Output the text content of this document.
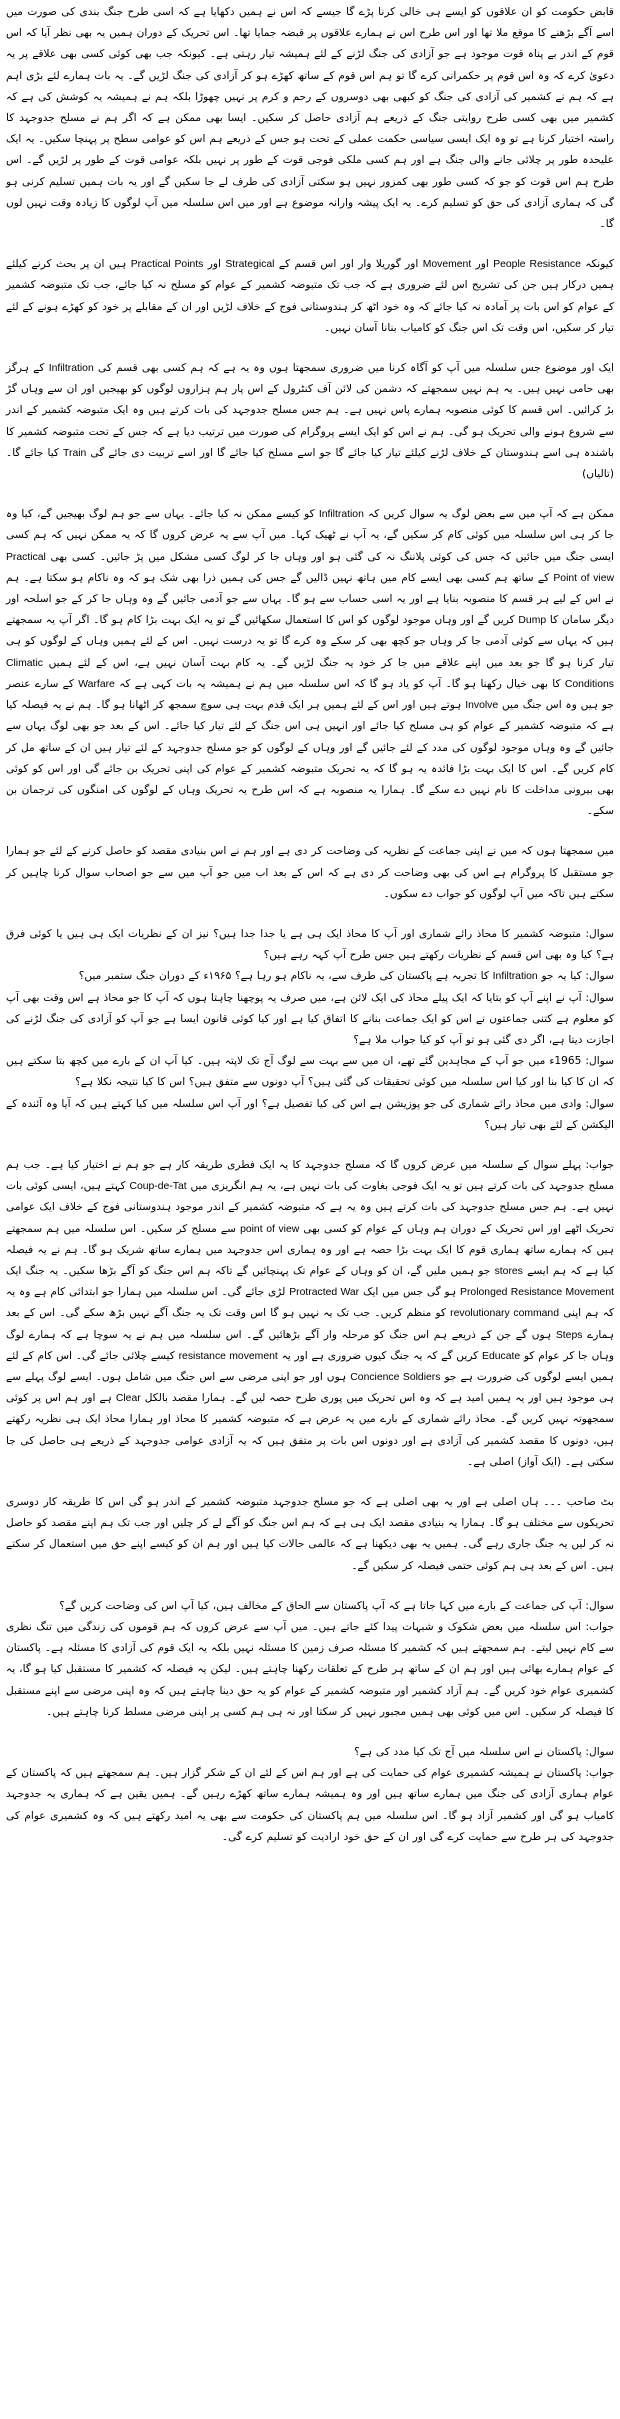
قابض حکومت کو ان علاقوں کو ایسے ہی خالی کرنا پڑے گا جیسے کہ اس نے ہمیں دکھایا ہے کہ اسی طرح جنگ بندی کی صورت میں اسے آگے بڑھنے کا موقع ملا تھا اور اس طرح اس نے ہمارے علاقوں پر قبضہ جمایا تھا۔ اس تحریک کے دوران ہمیں یہ بھی نظر آیا کہ اس قوم کے اندر بے پناہ قوت موجود ہے جو آزادی کی جنگ لڑنے کے لئے ہمیشہ تیار رہتی ہے۔ کیونکہ جب بھی کوئی کسی بھی علاقے پر یہ دعویٰ کرے کہ وہ اس قوم پر حکمرانی کرے گا تو ہم اس قوم کے ساتھ کھڑے ہو کر آزادی کی جنگ لڑیں گے۔ یہ بات ہمارے لئے بڑی اہم ہے کہ ہم نے کشمیر کی آزادی کی جنگ کو کبھی بھی دوسروں کے رحم و کرم پر نہیں چھوڑا بلکہ ہم نے ہمیشہ یہ کوشش کی ہے کہ کشمیر میں بھی کسی طرح روایتی جنگ کے ذریعے ہم آزادی حاصل کر سکیں۔ ایسا بھی ممکن ہے کہ اگر ہم نے مسلح جدوجہد کا راستہ اختیار کرنا ہے تو وہ ایک ایسی سیاسی حکمت عملی کے تحت ہو جس کے ذریعے ہم اس کو عوامی سطح پر پہنچا سکیں۔ یہ ایک علیحدہ طور پر چلائی جانے والی جنگ ہے اور ہم کسی ملکی فوجی قوت کے طور پر نہیں بلکہ عوامی قوت کے طور پر لڑیں گے۔ اس طرح ہم اس قوت کو جو کہ کسی طور بھی کمزور نہیں ہو سکتی آزادی کی طرف لے جا سکیں گے اور یہ بات ہمیں تسلیم کرنی ہو گی کہ ہماری آزادی کی حق کو تسلیم کرے۔ یہ ایک پیشہ وارانہ موضوع ہے اور میں اس سلسلہ میں آپ لوگوں کا زیادہ وقت نہیں لوں گا۔

کیونکہ People Resistance اور Movement اور گوریلا وار اور اس قسم کے Strategical اور Practical Points ہیں ان پر بحث کرنے کیلئے ہمیں درکار ہیں جن کی تشریح اس لئے ضروری ہے کہ جب تک متبوضہ کشمیر کے عوام کو مسلح نہ کیا جائے، جب تک متبوضہ کشمیر کے عوام کو اس بات پر آمادہ نہ کیا جائے کہ وہ خود اٹھ کر ہندوستانی فوج کے خلاف لڑیں اور ان کے مقابلے پر خود کو کھڑے ہونے کے لئے تیار کر سکیں، اس وقت تک اس جنگ کو کامیاب بنانا آسان نہیں۔

ایک اور موضوع جس سلسلہ میں آپ کو آگاہ کرنا میں ضروری سمجھتا ہوں وہ یہ ہے کہ ہم کسی بھی قسم کی Infiltration کے ہرگز بھی حامی نہیں ہیں۔ یہ ہم نہیں سمجھتے کہ دشمن کی لائن آف کنٹرول کے اس پار ہم ہزاروں لوگوں کو بھیجیں اور ان سے وہاں گڑ بڑ کرائیں۔ اس قسم کا کوئی منصوبہ ہمارے پاس نہیں ہے۔ ہم جس مسلح جدوجہد کی بات کرتے ہیں وہ ایک متبوضہ کشمیر کے اندر سے شروع ہونے والی تحریک ہو گی۔ ہم نے اس کو ایک ایسے پروگرام کی صورت میں ترتیب دیا ہے کہ جس کے تحت متبوضہ کشمیر کا باشندہ ہی اسے ہندوستان کے خلاف لڑنے کیلئے تیار کیا جائے گا جو اسے مسلح کیا جائے گا اور اسے تربیت دی جائے گی Train کیا جائے گا۔ (تالیاں)

ممکن ہے کہ آپ میں سے بعض لوگ یہ سوال کریں کہ Infiltration کو کیسے ممکن نہ کیا جائے۔ یہاں سے جو ہم لوگ بھیجیں گے، کیا وہ جا کر ہی اس سلسلہ میں کوئی کام کر سکیں گے، یہ آپ نے ٹھیک کہا۔ میں آپ سے یہ عرض کروں گا کہ یہ ممکن نہیں کہ ہم کسی ایسی جنگ میں جائیں کہ جس کی کوئی پلاننگ نہ کی گئی ہو اور وہاں جا کر لوگ کسی مشکل میں پڑ جائیں۔ کسی بھی Practical Point of view کے ساتھ ہم کسی بھی ایسے کام میں ہاتھ نہیں ڈالیں گے جس کی ہمیں ذرا بھی شک ہو کہ وہ ناکام ہو سکتا ہے۔ ہم نے اس کے لیے ہر قسم کا منصوبہ بنایا ہے اور یہ اسی حساب سے ہو گا۔ یہاں سے جو آدمی جائیں گے وہ وہاں جا کر کے جو اسلحہ اور دیگر سامان کا Dump کریں گے اور وہاں موجود لوگوں کو اس کا استعمال سکھائیں گے تو یہ ایک بہت بڑا کام ہو گا۔ اگر آپ یہ سمجھتے ہیں کہ یہاں سے کوئی آدمی جا کر وہاں جو کچھ بھی کر سکے وہ کرے گا تو یہ درست نہیں۔ اس کے لئے ہمیں وہاں کے لوگوں کو ہی تیار کرنا ہو گا جو بعد میں اپنے علاقے میں جا کر خود یہ جنگ لڑیں گے۔ یہ کام بہت آسان نہیں ہے، اس کے لئے ہمیں Climatic Conditions کا بھی خیال رکھنا ہو گا۔ آپ کو یاد ہو گا کہ اس سلسلہ میں ہم نے ہمیشہ یہ بات کہی ہے کہ Warfare کے سارے عنصر جو ہیں وہ اس جنگ میں Involve ہوتے ہیں اور اس کے لئے ہمیں ہر ایک قدم بہت ہی سوچ سمجھ کر اٹھانا ہو گا۔ ہم نے یہ فیصلہ کیا ہے کہ متبوضہ کشمیر کے عوام کو ہی مسلح کیا جائے اور انہیں ہی اس جنگ کے لئے تیار کیا جائے۔ اس کے بعد جو بھی لوگ یہاں سے جائیں گے وہ وہاں موجود لوگوں کی مدد کے لئے جائیں گے اور وہاں کے لوگوں کو جو مسلح جدوجہد کے لئے تیار ہیں ان کے ساتھ مل کر کام کریں گے۔ اس کا ایک بہت بڑا فائدہ یہ ہو گا کہ یہ تحریک متبوضہ کشمیر کے عوام کی اپنی تحریک بن جائے گی اور اس کو کوئی بھی بیرونی مداخلت کا نام نہیں دے سکے گا۔ ہمارا یہ منصوبہ ہے کہ اس طرح یہ تحریک وہاں کے لوگوں کی امنگوں کی ترجمان بن سکے۔

میں سمجھتا ہوں کہ میں نے اپنی جماعت کے نظریہ کی وضاحت کر دی ہے اور ہم نے اس بنیادی مقصد کو حاصل کرنے کے لئے جو ہمارا جو مستقبل کا پروگرام ہے اس کی بھی وضاحت کر دی ہے کہ اس کے بعد اب میں جو آپ میں سے جو اصحاب سوال کرنا چاہیں کر سکتے ہیں تاکہ میں آپ لوگوں کو جواب دے سکوں۔

سوال: متبوضہ کشمیر کا محاذ رائے شماری اور آپ کا محاذ ایک ہی ہے یا جدا جدا ہیں؟ نیز ان کے نظریات ایک ہی ہیں یا کوئی فرق ہے؟ کیا وہ بھی اس قسم کے نظریات رکھتے ہیں جس طرح آپ کہہ رہے ہیں؟
سوال: کیا یہ جو Infiltration کا تجربہ ہے پاکستان کی طرف سے، یہ ناکام ہو رہا ہے؟ ۱۹۶۵ء کے دوران جنگ ستمبر میں؟
سوال: آپ نے اپنے آپ کو بتایا کہ ایک پیلے محاذ کی ایک لائن ہے، میں صرف یہ پوچھنا چاہتا ہوں کہ آپ کا جو محاذ ہے اس وقت بھی آپ کو معلوم ہے کتنی جماعتوں نے اس کو ایک جماعت بنانے کا اتفاق کیا ہے اور کیا کوئی قانون ایسا ہے جو آپ کو آزادی کی جنگ لڑنے کی اجازت دیتا ہے، اگر دی گئی ہو تو آپ کو کیا جواب ملا ہے؟
سوال: 1965ء میں جو آپ کے مجاہدین گئے تھے، ان میں سے بہت سے لوگ آج تک لاپتہ ہیں۔ کیا آپ ان کے بارے میں کچھ بتا سکتے ہیں کہ ان کا کیا بنا اور کیا اس سلسلہ میں کوئی تحقیقات کی گئی ہیں؟ آپ دونوں سے متفق ہیں؟ اس کا کیا نتیجہ نکلا ہے؟
سوال: وادی میں محاذ رائے شماری کی جو پوزیشن ہے اس کی کیا تفصیل ہے؟ اور آپ اس سلسلہ میں کیا کہتے ہیں کہ آیا وہ آئندہ کے الیکشن کے لئے بھی تیار ہیں؟

جواب: پہلے سوال کے سلسلہ میں عرض کروں گا کہ مسلح جدوجہد کا یہ ایک فطری طریقہ کار ہے جو ہم نے اختیار کیا ہے۔ جب ہم مسلح جدوجہد کی بات کرتے ہیں تو یہ ایک فوجی بغاوت کی بات نہیں ہے، یہ ہم انگریزی میں Coup-de-Tat کہتے ہیں، ایسی کوئی بات نہیں ہے۔ ہم جس مسلح جدوجہد کی بات کرتے ہیں وہ یہ ہے کہ متبوضہ کشمیر کے اندر موجود ہندوستانی فوج کے خلاف ایک عوامی تحریک اٹھے اور اس تحریک کے دوران ہم وہاں کے عوام کو کسی بھی point of view سے مسلح کر سکیں۔ اس سلسلہ میں ہم سمجھتے ہیں کہ ہمارے ساتھ ہماری قوم کا ایک بہت بڑا حصہ ہے اور وہ ہماری اس جدوجہد میں ہمارے ساتھ شریک ہو گا۔ ہم نے یہ فیصلہ کیا ہے کہ ہم ایسے stores جو ہمیں ملیں گے، ان کو وہاں کے عوام تک پہنچائیں گے تاکہ ہم اس جنگ کو آگے بڑھا سکیں۔ یہ جنگ ایک Prolonged Resistance Movement ہو گی جس میں ایک Protracted War لڑی جائے گی۔ اس سلسلہ میں ہمارا جو ابتدائی کام ہے وہ یہ کہ ہم اپنی revolutionary command کو منظم کریں۔ جب تک یہ نہیں ہو گا اس وقت تک یہ جنگ آگے نہیں بڑھ سکے گی۔ اس کے بعد ہمارے Steps ہوں گے جن کے ذریعے ہم اس جنگ کو مرحلہ وار آگے بڑھائیں گے۔ اس سلسلہ میں ہم نے یہ سوچا ہے کہ ہمارے لوگ وہاں جا کر عوام کو Educate کریں گے کہ یہ جنگ کیوں ضروری ہے اور یہ resistance movement کیسے چلائی جائے گی۔ اس کام کے لئے ہمیں ایسے لوگوں کی ضرورت ہے جو Concience Soldiers ہوں اور جو اپنی مرضی سے اس جنگ میں شامل ہوں۔ ایسے لوگ پہلے سے ہی موجود ہیں اور یہ ہمیں امید ہے کہ وہ اس تحریک میں پوری طرح حصہ لیں گے۔ ہمارا مقصد بالکل Clear ہے اور ہم اس پر کوئی سمجھوتہ نہیں کریں گے۔ محاذ رائے شماری کے بارے میں یہ عرض ہے کہ متبوضہ کشمیر کا محاذ اور ہمارا محاذ ایک ہی نظریہ رکھتے ہیں، دونوں کا مقصد کشمیر کی آزادی ہے اور دونوں اس بات پر متفق ہیں کہ یہ آزادی عوامی جدوجہد کے ذریعے ہی حاصل کی جا سکتی ہے۔ (ایک آواز) اصلی ہے۔

بٹ صاحب ۔۔۔ ہاں اصلی ہے اور یہ بھی اصلی ہے کہ جو مسلح جدوجہد متبوضہ کشمیر کے اندر ہو گی اس کا طریقہ کار دوسری تحریکوں سے مختلف ہو گا۔ ہمارا یہ بنیادی مقصد ایک ہی ہے کہ ہم اس جنگ کو آگے لے کر چلیں اور جب تک ہم اپنے مقصد کو حاصل نہ کر لیں یہ جنگ جاری رہے گی۔ ہمیں یہ بھی دیکھنا ہے کہ عالمی حالات کیا ہیں اور ہم ان کو کیسے اپنے حق میں استعمال کر سکتے ہیں۔ اس کے بعد ہی ہم کوئی حتمی فیصلہ کر سکیں گے۔

سوال: آپ کی جماعت کے بارے میں کہا جاتا ہے کہ آپ پاکستان سے الحاق کے مخالف ہیں، کیا آپ اس کی وضاحت کریں گے؟
جواب: اس سلسلہ میں بعض شکوک و شبہات پیدا کئے جاتے ہیں۔ میں آپ سے عرض کروں کہ ہم قوموں کی زندگی میں تنگ نظری سے کام نہیں لیتے۔ ہم سمجھتے ہیں کہ کشمیر کا مسئلہ صرف زمین کا مسئلہ نہیں بلکہ یہ ایک قوم کی آزادی کا مسئلہ ہے۔ پاکستان کے عوام ہمارے بھائی ہیں اور ہم ان کے ساتھ ہر طرح کے تعلقات رکھنا چاہتے ہیں۔ لیکن یہ فیصلہ کہ کشمیر کا مستقبل کیا ہو گا، یہ کشمیری عوام خود کریں گے۔ ہم آزاد کشمیر اور متبوضہ کشمیر کے عوام کو یہ حق دینا چاہتے ہیں کہ وہ اپنی مرضی سے اپنے مستقبل کا فیصلہ کر سکیں۔ اس میں کوئی بھی ہمیں مجبور نہیں کر سکتا اور نہ ہی ہم کسی پر اپنی مرضی مسلط کرنا چاہتے ہیں۔

سوال: پاکستان نے اس سلسلہ میں آج تک کیا مدد کی ہے؟
جواب: پاکستان نے ہمیشہ کشمیری عوام کی حمایت کی ہے اور ہم اس کے لئے ان کے شکر گزار ہیں۔ ہم سمجھتے ہیں کہ پاکستان کے عوام ہماری آزادی کی جنگ میں ہمارے ساتھ ہیں اور وہ ہمیشہ ہمارے ساتھ کھڑے رہیں گے۔ ہمیں یقین ہے کہ ہماری یہ جدوجہد کامیاب ہو گی اور کشمیر آزاد ہو گا۔ اس سلسلہ میں ہم پاکستان کی حکومت سے بھی یہ امید رکھتے ہیں کہ وہ کشمیری عوام کی جدوجہد کی ہر طرح سے حمایت کرے گی اور ان کے حق خود ارادیت کو تسلیم کرے گی۔
